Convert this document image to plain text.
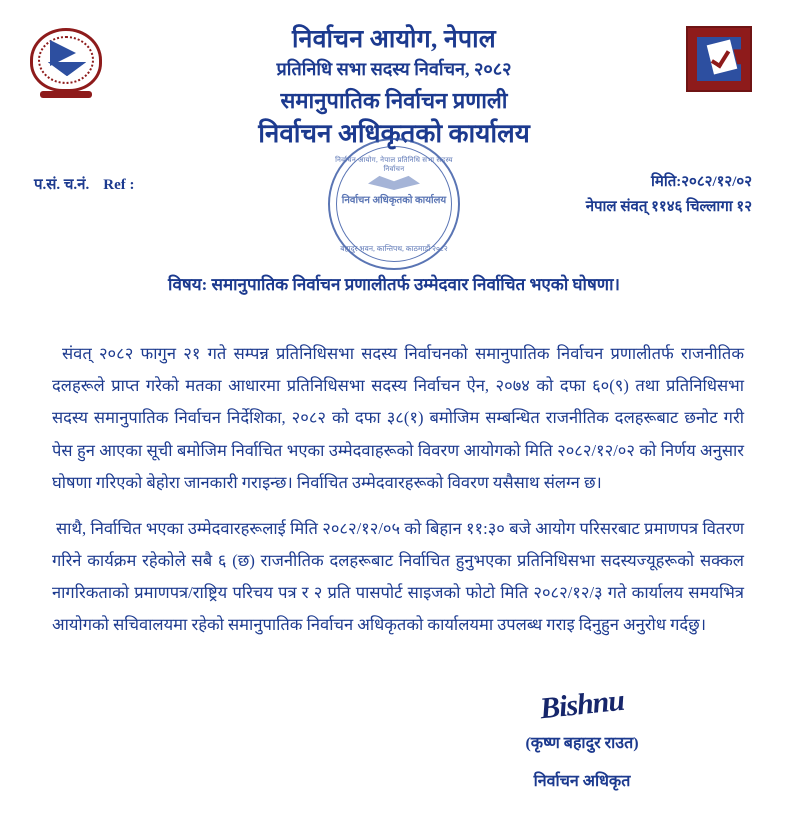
निर्वाचन आयोग, नेपाल
प्रतिनिधि सभा सदस्य निर्वाचन, २०८२
समानुपातिक निर्वाचन प्रणाली
निर्वाचन अधिकृतको कार्यालय
निर्वाचन आयोग, नेपाल प्रतिनिधि सभा सदस्य निर्वाचन
निर्वाचन अधिकृतको कार्यालय
बहादुर भवन, कान्तिपथ, काठमाडौं २०८२
प.सं. च.नं. Ref :	मिति:२०८२/१२/०२
नेपाल संवत् ११४६ चिल्लागा १२
विषय: समानुपातिक निर्वाचन प्रणालीतर्फ उम्मेदवार निर्वाचित भएको घोषणा।

संवत् २०८२ फागुन २१ गते सम्पन्न प्रतिनिधिसभा सदस्य निर्वाचनको समानुपातिक निर्वाचन प्रणालीतर्फ राजनीतिक दलहरूले प्राप्त गरेको मतका आधारमा प्रतिनिधिसभा सदस्य निर्वाचन ऐन, २०७४ को दफा ६०(९) तथा प्रतिनिधिसभा सदस्य समानुपातिक निर्वाचन निर्देशिका, २०८२ को दफा ३८(१) बमोजिम सम्बन्धित राजनीतिक दलहरूबाट छनोट गरी पेस हुन आएका सूची बमोजिम निर्वाचित भएका उम्मेदवाहरूको विवरण आयोगको मिति २०८२/१२/०२ को निर्णय अनुसार घोषणा गरिएको बेहोरा जानकारी गराइन्छ। निर्वाचित उम्मेदवारहरूको विवरण यसैसाथ संलग्न छ।

साथै, निर्वाचित भएका उम्मेदवारहरूलाई मिति २०८२/१२/०५ को बिहान ११:३० बजे आयोग परिसरबाट प्रमाणपत्र वितरण गरिने कार्यक्रम रहेकोले सबै ६ (छ) राजनीतिक दलहरूबाट निर्वाचित हुनुभएका प्रतिनिधिसभा सदस्यज्यूहरूको सक्कल नागरिकताको प्रमाणपत्र/राष्ट्रिय परिचय पत्र र २ प्रति पासपोर्ट साइजको फोटो मिति २०८२/१२/३ गते कार्यालय समयभित्र आयोगको सचिवालयमा रहेको समानुपातिक निर्वाचन अधिकृतको कार्यालयमा उपलब्ध गराइ दिनुहुन अनुरोध गर्दछु।

Bishnu
(कृष्ण बहादुर राउत)
निर्वाचन अधिकृत
